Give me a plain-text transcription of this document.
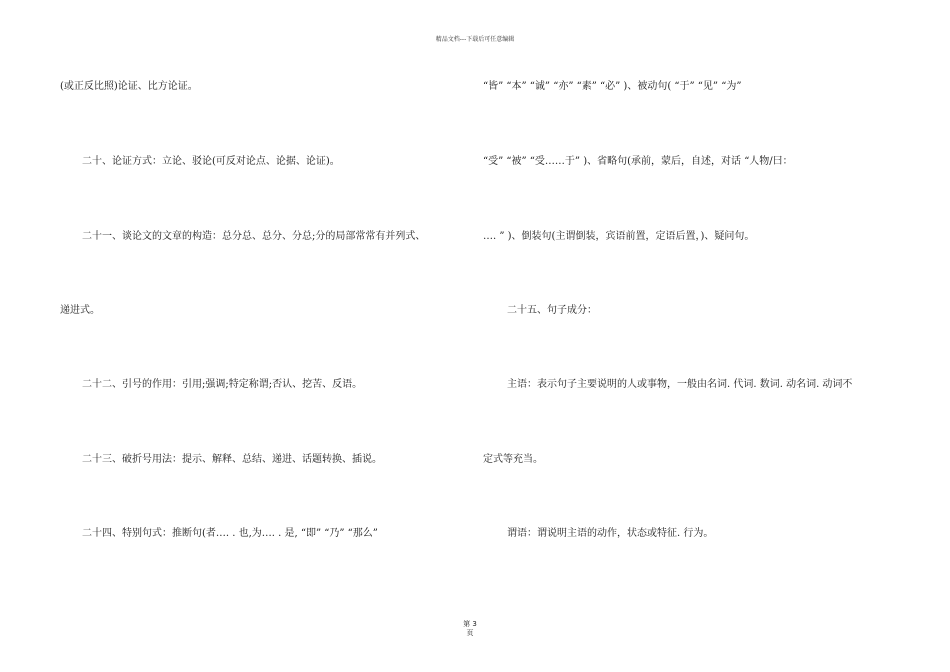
精品文档---下载后可任意编辑
(或正反比照)论证、比方论证。
二十、论证方式：立论、驳论(可反对论点、论据、论证)。
二十一、谈论文的文章的构造：总分总、总分、分总;分的局部常常有并列式、
递进式。
二十二、引号的作用：引用;强调;特定称谓;否认、挖苦、反语。
二十三、破折号用法：提示、解释、总结、递进、话题转换、插说。
二十四、特别句式：推断句(者…. . 也,为…. . 是, “即” “乃” “那么”
“皆” “本” “诚” “亦” “素” “必” )、被动句( “于” “见” “为”
“受” “被” “受……于” )、省略句(承前，蒙后，自述，对话 “人物/曰：
…. ” )、倒装句(主谓倒装，宾语前置，定语后置，)、疑问句。
二十五、句子成分：
主语：表示句子主要说明的人或事物，一般由名词. 代词. 数词. 动名词. 动词不
定式等充当。
谓语：谓说明主语的动作，状态或特征. 行为。
第 3
页
